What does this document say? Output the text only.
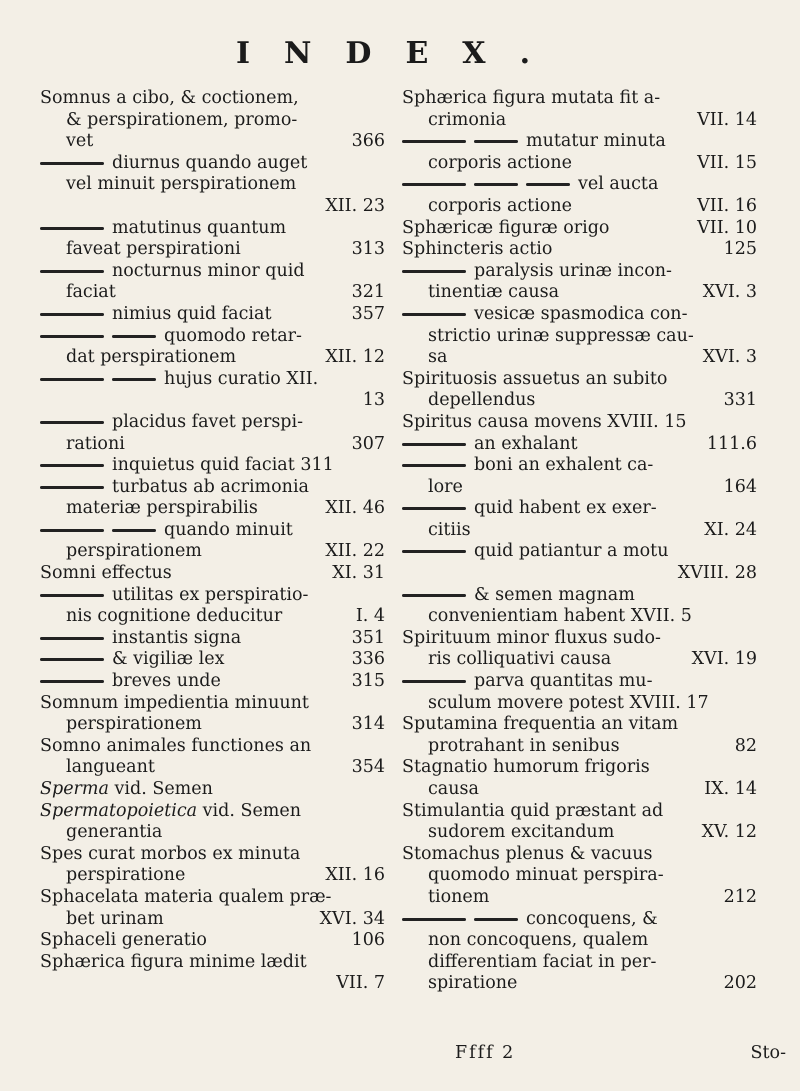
INDEX.
Somnus a cibo, & coctionem,
& perspirationem, promo-
vet	366
diurnus quando auget
vel minuit perspirationem
XII. 23
matutinus quantum
faveat perspirationi	313
nocturnus minor quid
faciat	321
nimius quid faciat	357
quomodo retar-
dat perspirationem	XII. 12
hujus curatio XII.
13
placidus favet perspi-
rationi	307
inquietus quid faciat 311
turbatus ab acrimonia
materiæ perspirabilis	XII. 46
quando minuit
perspirationem	XII. 22
Somni effectus	XI. 31
utilitas ex perspiratio-
nis cognitione deducitur	I. 4
instantis signa	351
& vigiliæ lex	336
breves unde	315
Somnum impedientia minuunt
perspirationem	314
Somno animales functiones an
langueant	354
Sperma vid. Semen
Spermatopoietica vid. Semen
generantia
Spes curat morbos ex minuta
perspiratione	XII. 16
Sphacelata materia qualem præ-
bet urinam	XVI. 34
Sphaceli generatio	106
Sphærica figura minime lædit
VII. 7
Sphærica figura mutata fit a-
crimonia	VII. 14
mutatur minuta
corporis actione	VII. 15
vel aucta
corporis actione	VII. 16
Sphæricæ figuræ origo	VII. 10
Sphincteris actio	125
paralysis urinæ incon-
tinentiæ causa	XVI. 3
vesicæ spasmodica con-
strictio urinæ suppressæ cau-
sa	XVI. 3
Spirituosis assuetus an subito
depellendus	331
Spiritus causa movens XVIII. 15
an exhalant	111.6
boni an exhalent ca-
lore	164
quid habent ex exer-
citiis	XI. 24
quid patiantur a motu
XVIII. 28
& semen magnam
convenientiam habent XVII. 5
Spirituum minor fluxus sudo-
ris colliquativi causa	XVI. 19
parva quantitas mu-
sculum movere potest XVIII. 17
Sputamina frequentia an vitam
protrahant in senibus	82
Stagnatio humorum frigoris
causa	IX. 14
Stimulantia quid præstant ad
sudorem excitandum	XV. 12
Stomachus plenus & vacuus
quomodo minuat perspira-
tionem	212
concoquens, &
non concoquens, qualem
differentiam faciat in per-
spiratione	202
Ffff 2	Sto-
